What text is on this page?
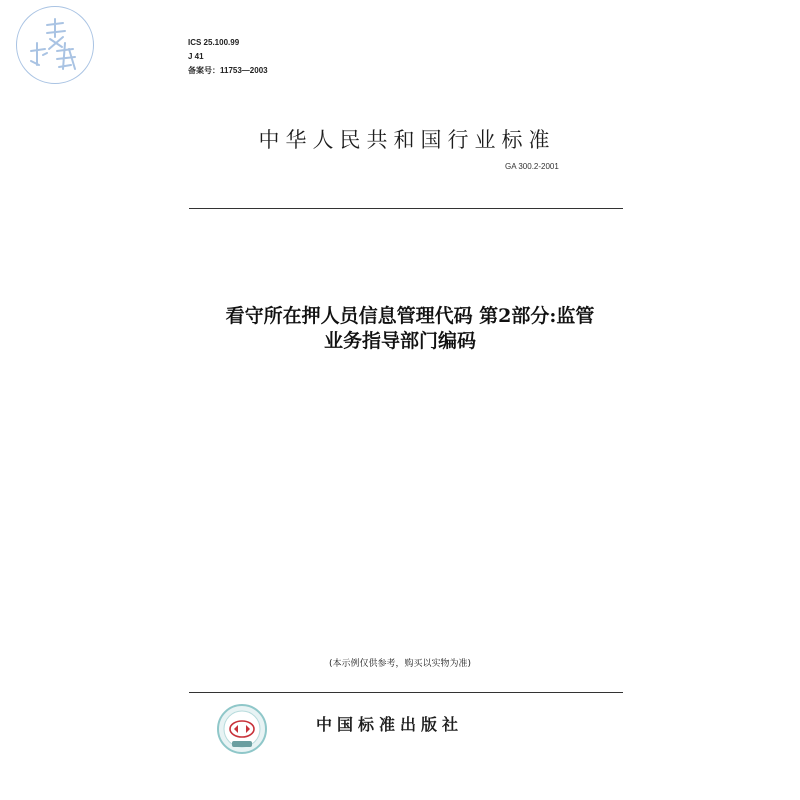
ICS 25.100.99
J 41
备案号：11753—2003
中华人民共和国行业标准
GA 300.2-2001
看守所在押人员信息管理代码 第2部分:监管
业务指导部门编码
(本示例仅供参考，购买以实物为准)
中国标准出版社
